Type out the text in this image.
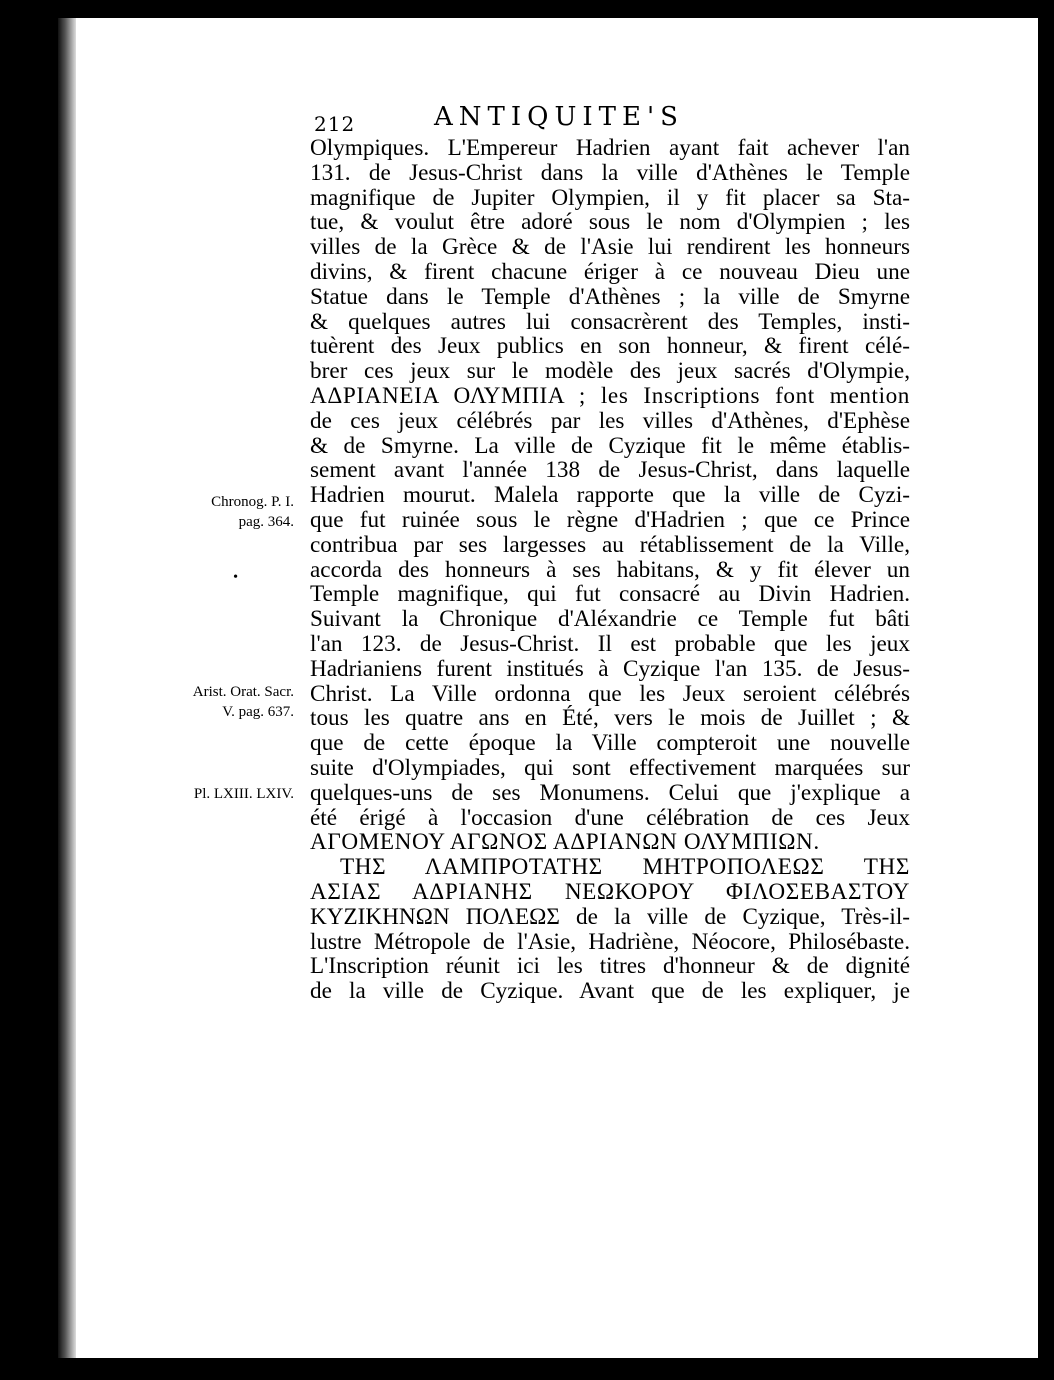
212	ANTIQUITE'S
Olympiques. L'Empereur Hadrien ayant fait achever l'an
131. de Jesus-Christ dans la ville d'Athènes le Temple
magnifique de Jupiter Olympien, il y fit placer sa Sta-
tue, & voulut être adoré sous le nom d'Olympien ; les
villes de la Grèce & de l'Asie lui rendirent les honneurs
divins, & firent chacune ériger à ce nouveau Dieu une
Statue dans le Temple d'Athènes ; la ville de Smyrne
& quelques autres lui consacrèrent des Temples, insti-
tuèrent des Jeux publics en son honneur, & firent célé-
brer ces jeux sur le modèle des jeux sacrés d'Olympie,
ΑΔΡΙΑΝΕΙΑ ΟΛΥΜΠΙΑ ; les Inscriptions font mention
de ces jeux célébrés par les villes d'Athènes, d'Ephèse
& de Smyrne. La ville de Cyzique fit le même établis-
sement avant l'année 138 de Jesus-Christ, dans laquelle
Hadrien mourut. Malela rapporte que la ville de Cyzi-
que fut ruinée sous le règne d'Hadrien ; que ce Prince
contribua par ses largesses au rétablissement de la Ville,
accorda des honneurs à ses habitans, & y fit élever un
Temple magnifique, qui fut consacré au Divin Hadrien.
Suivant la Chronique d'Aléxandrie ce Temple fut bâti
l'an 123. de Jesus-Christ. Il est probable que les jeux
Hadrianiens furent institués à Cyzique l'an 135. de Jesus-
Christ. La Ville ordonna que les Jeux seroient célébrés
tous les quatre ans en Été, vers le mois de Juillet ; &
que de cette époque la Ville compteroit une nouvelle
suite d'Olympiades, qui sont effectivement marquées sur
quelques-uns de ses Monumens. Celui que j'explique a
été érigé à l'occasion d'une célébration de ces Jeux
ΑΓΟΜΕΝΟΥ ΑΓΩΝΟΣ ΑΔΡΙΑΝΩΝ ΟΛΥΜΠΙΩΝ.
ΤΗΣ ΛΑΜΠΡΟΤΑΤΗΣ ΜΗΤΡΟΠΟΛΕΩΣ ΤΗΣ
ΑΣΙΑΣ ΑΔΡΙΑΝΗΣ ΝΕΩΚΟΡΟΥ ΦΙΛΟΣΕΒΑΣΤΟΥ
ΚΥΖΙΚΗΝΩΝ ΠΟΛΕΩΣ de la ville de Cyzique, Très-il-
lustre Métropole de l'Asie, Hadriène, Néocore, Philosébaste.
L'Inscription réunit ici les titres d'honneur & de dignité
de la ville de Cyzique. Avant que de les expliquer, je
Chronog. P. I.
pag. 364.
•
Arist. Orat. Sacr.
V. pag. 637.
Pl. LXIII. LXIV.
